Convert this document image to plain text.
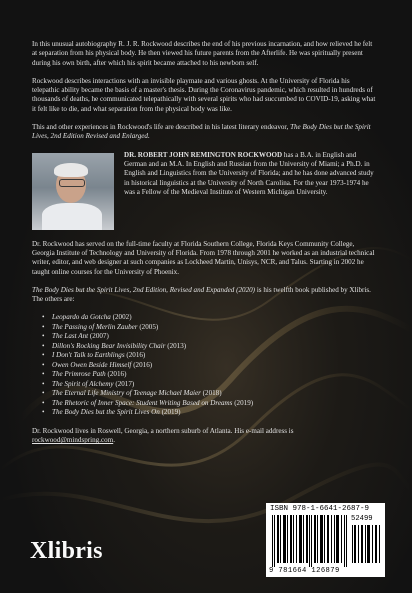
In this unusual autobiography R. J. R. Rockwood describes the end of his previous incarnation, and how relieved he felt at separation from his physical body. He then viewed his future parents from the Afterlife. He was spiritually present during his own birth, after which his spirit became attached to his newborn self.

Rockwood describes interactions with an invisible playmate and various ghosts. At the University of Florida his telepathic ability became the basis of a master's thesis. During the Coronavirus pandemic, which resulted in hundreds of thousands of deaths, he communicated telepathically with several spirits who had succumbed to COVID-19, asking what it felt like to die, and what separation from the physical body was like.

This and other experiences in Rockwood's life are described in his latest literary endeavor, The Body Dies but the Spirit Lives, 2nd Edition Revised and Enlarged.

DR. ROBERT JOHN REMINGTON ROCKWOOD has a B.A. in English and German and an M.A. In English and Russian from the University of Miami; a Ph.D. in English and Linguistics from the University of Florida; and he has done advanced study in historical linguistics at the University of North Carolina. For the year 1973-1974 he was a Fellow of the Medieval Institute of Western Michigan University.

Dr. Rockwood has served on the full-time faculty at Florida Southern College, Florida Keys Community College, Georgia Institute of Technology and University of Florida. From 1978 through 2001 he worked as an industrial technical writer, editor, and web designer at such companies as Lockheed Martin, Unisys, NCR, and Talus. Starting in 2002 he taught online courses for the University of Phoenix.

The Body Dies but the Spirit Lives, 2nd Edition, Revised and Expanded (2020) is his twelfth book published by Xlibris. The others are:

• Leopardo da Gotcha (2002)
• The Passing of Merlin Zauber (2005)
• The Last Ant (2007)
• Dillon's Rocking Bear Invisibility Chair (2013)
• I Don't Talk to Earthlings (2016)
• Owen Owen Beside Himself (2016)
• The Primrose Path (2016)
• The Spirit of Alchemy (2017)
• The Eternal Life Ministry of Teenage Michael Maier (2018)
• The Rhetoric of Inner Space: Student Writing Based on Dreams (2019)
• The Body Dies but the Spirit Lives On (2019)

Dr. Rockwood lives in Roswell, Georgia, a northern suburb of Atlanta. His e-mail address is rockwood@mindspring.com.

Xlibris
ISBN 978-1-6641-2687-9
52499
9 781664 126879
